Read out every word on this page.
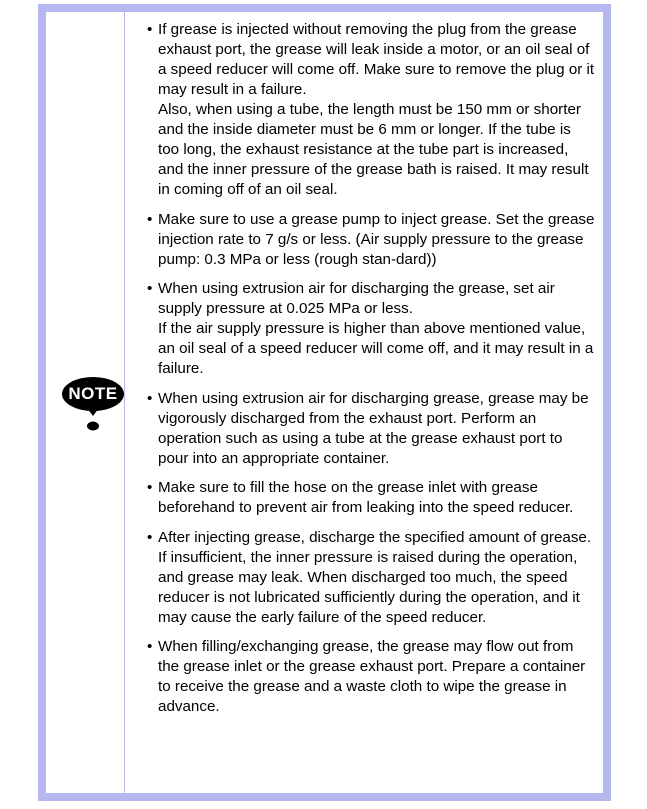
NOTE
• If grease is injected without removing the plug from the grease exhaust port, the grease will leak inside a motor, or an oil seal of a speed reducer will come off. Make sure to remove the plug or it may result in a failure.
Also, when using a tube, the length must be 150 mm or shorter and the inside diameter must be 6 mm or longer. If the tube is too long, the exhaust resistance at the tube part is increased, and the inner pressure of the grease bath is raised. It may result in coming off of an oil seal.
• Make sure to use a grease pump to inject grease. Set the grease injection rate to 7 g/s or less. (Air supply pressure to the grease pump: 0.3 MPa or less (rough stan-dard))
• When using extrusion air for discharging the grease, set air supply pressure at 0.025 MPa or less.
If the air supply pressure is higher than above mentioned value, an oil seal of a speed reducer will come off, and it may result in a failure.
• When using extrusion air for discharging grease, grease may be vigorously discharged from the exhaust port. Perform an operation such as using a tube at the grease exhaust port to pour into an appropriate container.
• Make sure to fill the hose on the grease inlet with grease beforehand to prevent air from leaking into the speed reducer.
• After injecting grease, discharge the specified amount of grease. If insufficient, the inner pressure is raised during the operation, and grease may leak. When discharged too much, the speed reducer is not lubricated sufficiently during the operation, and it may cause the early failure of the speed reducer.
• When filling/exchanging grease, the grease may flow out from the grease inlet or the grease exhaust port. Prepare a container to receive the grease and a waste cloth to wipe the grease in advance.
